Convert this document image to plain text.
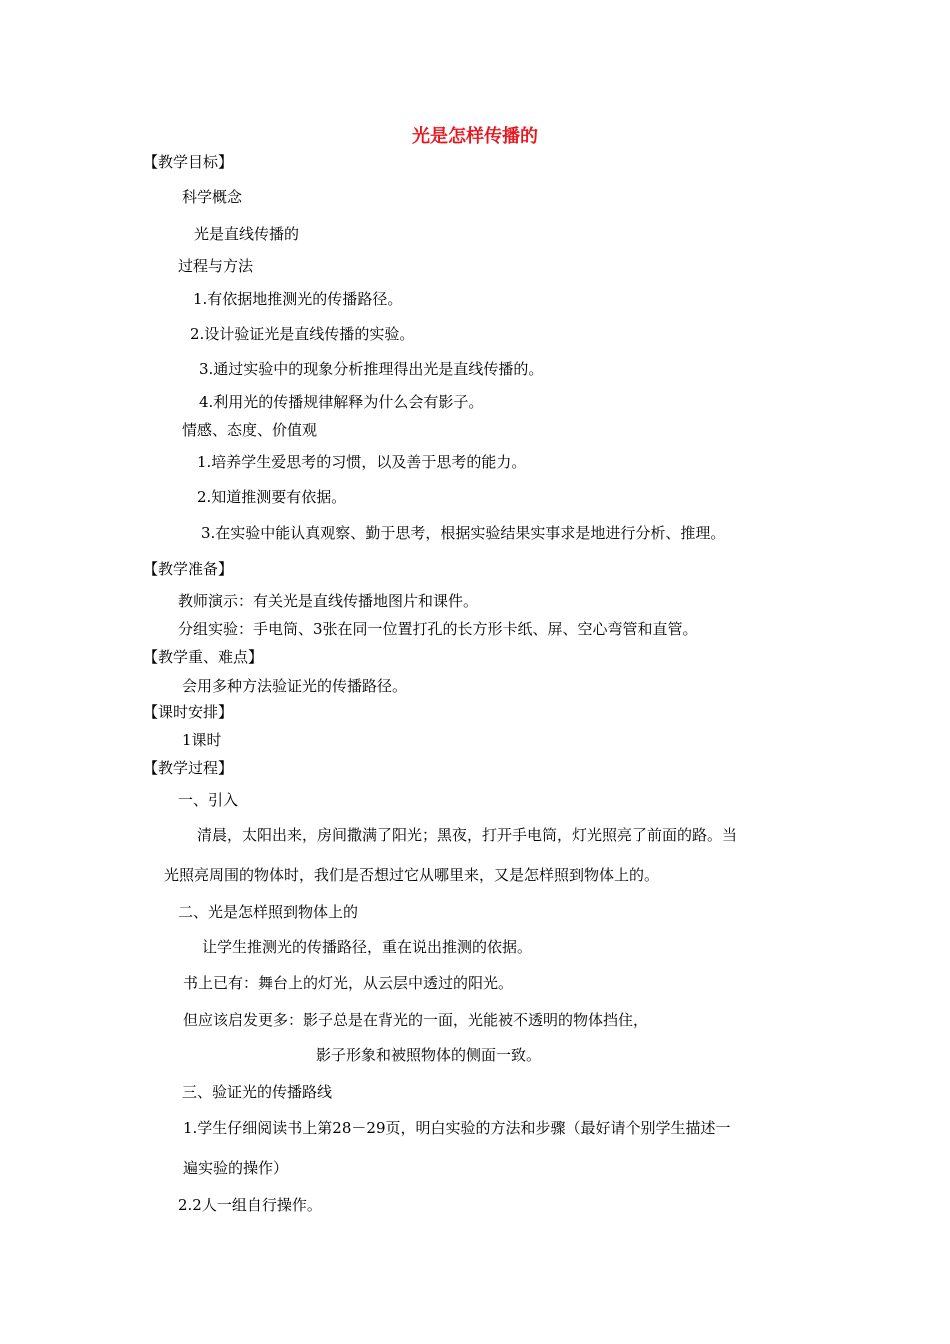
光是怎样传播的
【教学目标】
科学概念
光是直线传播的
过程与方法
1.有依据地推测光的传播路径。
2.设计验证光是直线传播的实验。
3.通过实验中的现象分析推理得出光是直线传播的。
4.利用光的传播规律解释为什么会有影子。
情感、态度、价值观
1.培养学生爱思考的习惯，以及善于思考的能力。
2.知道推测要有依据。
3.在实验中能认真观察、勤于思考，根据实验结果实事求是地进行分析、推理。
【教学准备】
教师演示：有关光是直线传播地图片和课件。
分组实验：手电筒、3张在同一位置打孔的长方形卡纸、屏、空心弯管和直管。
【教学重、难点】
会用多种方法验证光的传播路径。
【课时安排】
1课时
【教学过程】
一、引入
清晨，太阳出来，房间撒满了阳光；黑夜，打开手电筒，灯光照亮了前面的路。当
光照亮周围的物体时，我们是否想过它从哪里来，又是怎样照到物体上的。
二、光是怎样照到物体上的
让学生推测光的传播路径，重在说出推测的依据。
书上已有：舞台上的灯光，从云层中透过的阳光。
但应该启发更多：影子总是在背光的一面，光能被不透明的物体挡住，
影子形象和被照物体的侧面一致。
三、验证光的传播路线
1.学生仔细阅读书上第28－29页，明白实验的方法和步骤（最好请个别学生描述一
遍实验的操作）
2.2人一组自行操作。
